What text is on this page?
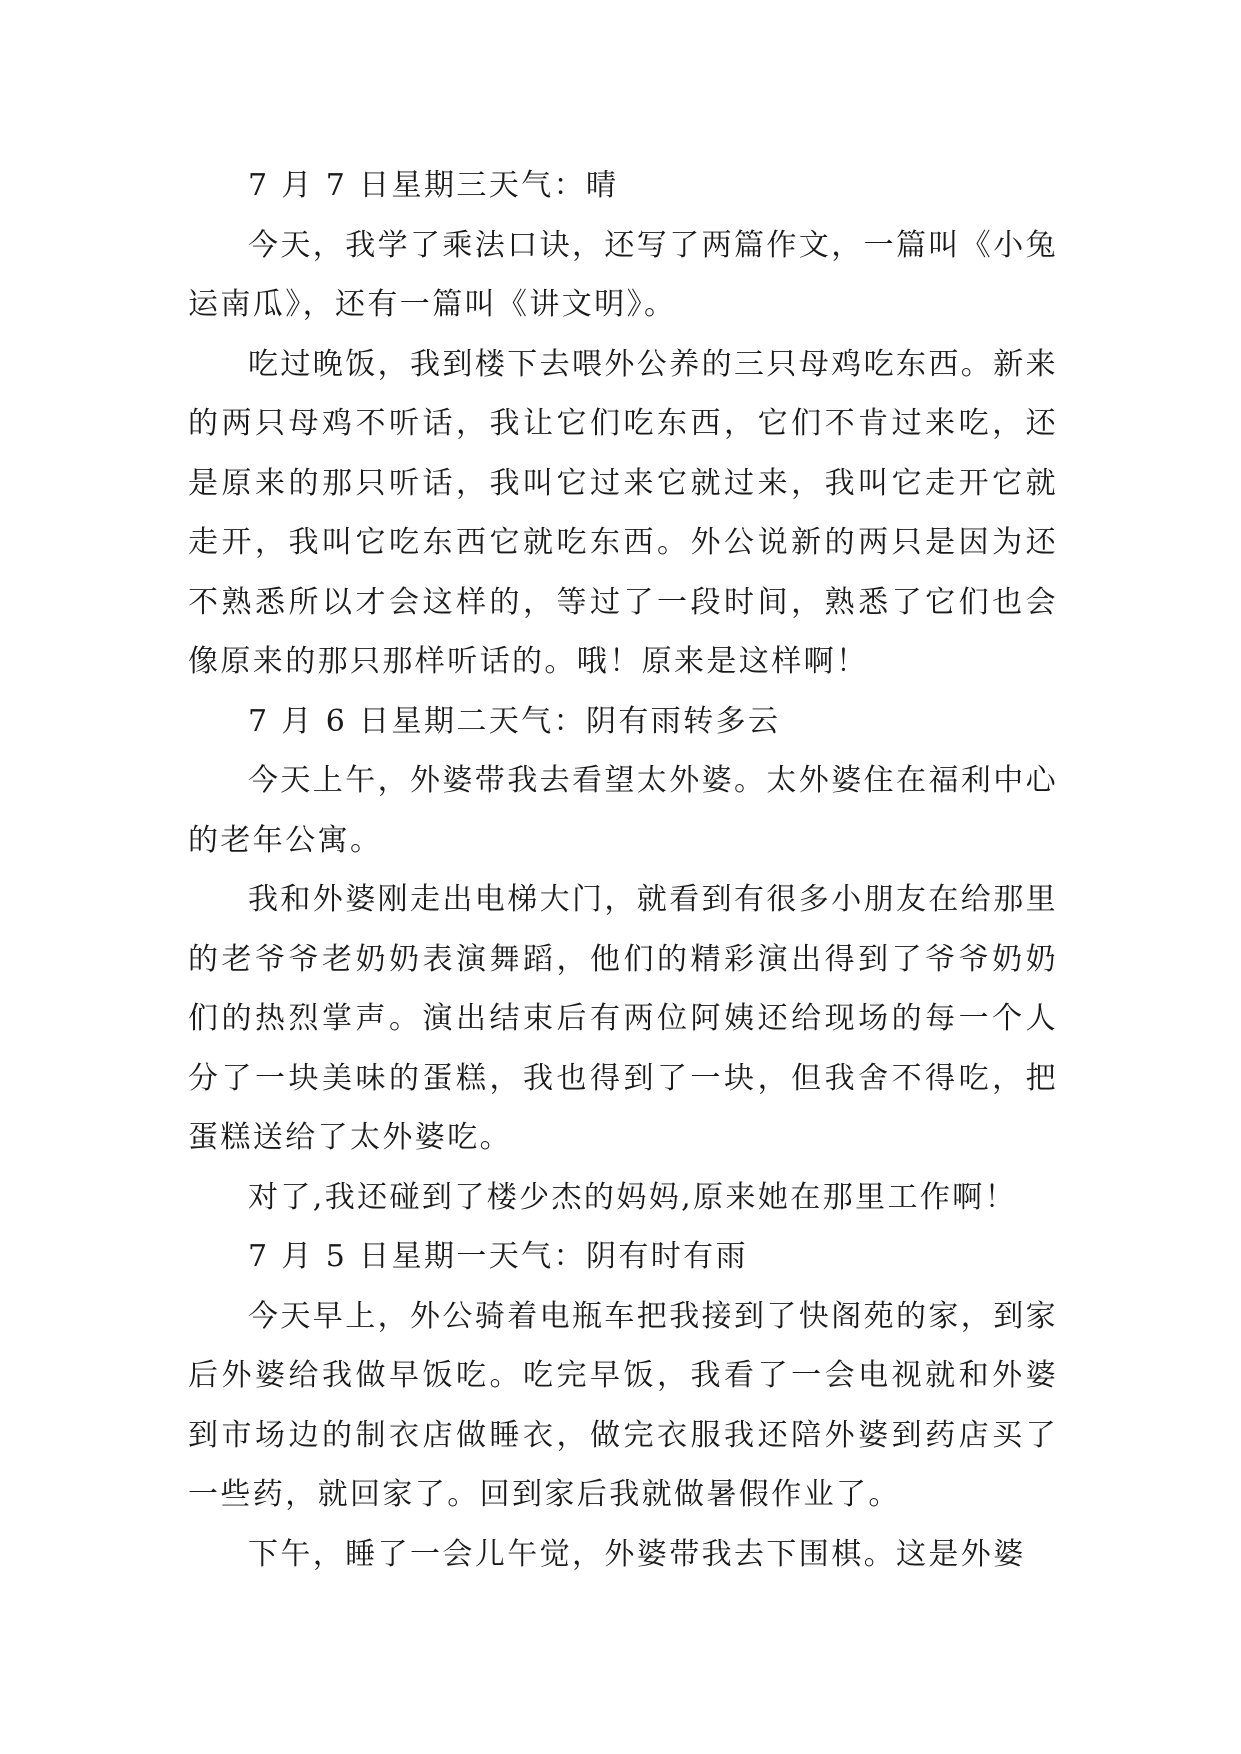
7 月 7 日星期三天气：晴

今天，我学了乘法口诀，还写了两篇作文，一篇叫《小兔运南瓜》，还有一篇叫《讲文明》。

吃过晚饭，我到楼下去喂外公养的三只母鸡吃东西。新来的两只母鸡不听话，我让它们吃东西，它们不肯过来吃，还是原来的那只听话，我叫它过来它就过来，我叫它走开它就走开，我叫它吃东西它就吃东西。外公说新的两只是因为还不熟悉所以才会这样的，等过了一段时间，熟悉了它们也会像原来的那只那样听话的。哦！原来是这样啊！

7 月 6 日星期二天气：阴有雨转多云

今天上午，外婆带我去看望太外婆。太外婆住在福利中心的老年公寓。

我和外婆刚走出电梯大门，就看到有很多小朋友在给那里的老爷爷老奶奶表演舞蹈，他们的精彩演出得到了爷爷奶奶们的热烈掌声。演出结束后有两位阿姨还给现场的每一个人分了一块美味的蛋糕，我也得到了一块，但我舍不得吃，把蛋糕送给了太外婆吃。

对了,我还碰到了楼少杰的妈妈,原来她在那里工作啊！

7 月 5 日星期一天气：阴有时有雨

今天早上，外公骑着电瓶车把我接到了快阁苑的家，到家后外婆给我做早饭吃。吃完早饭，我看了一会电视就和外婆到市场边的制衣店做睡衣，做完衣服我还陪外婆到药店买了一些药，就回家了。回到家后我就做暑假作业了。

下午，睡了一会儿午觉，外婆带我去下围棋。这是外婆
